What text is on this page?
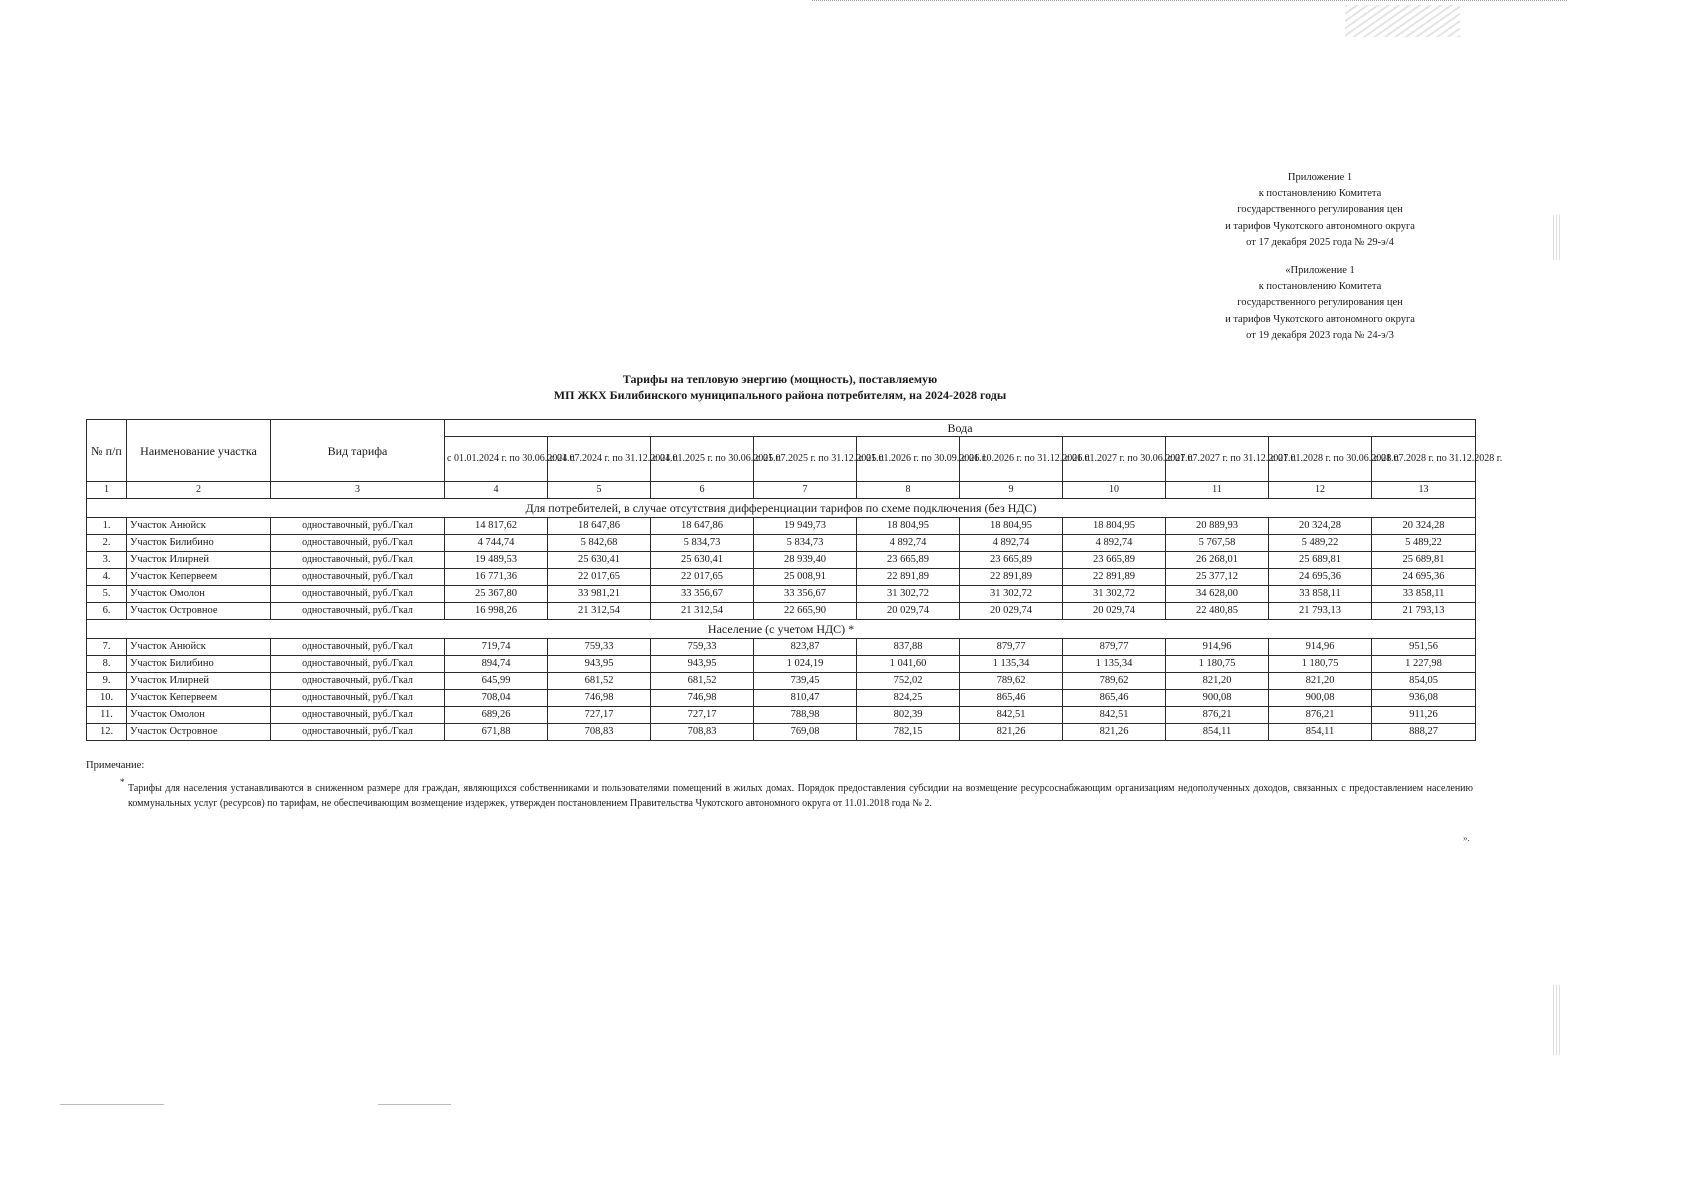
Приложение 1
к постановлению Комитета
государственного регулирования цен
и тарифов Чукотского автономного округа
от 17 декабря 2025 года № 29-э/4
«Приложение 1
к постановлению Комитета
государственного регулирования цен
и тарифов Чукотского автономного округа
от 19 декабря 2023 года № 24-э/3
Тарифы на тепловую энергию (мощность), поставляемую
МП ЖКХ Билибинского муниципального района потребителям, на 2024-2028 годы
№ п/п	Наименование участка	Вид тарифа	Вода									
			с 01.01.2024 г. по 30.06.2024 г.	с 01.07.2024 г. по 31.12.2024 г.	с 01.01.2025 г. по 30.06.2025 г.	с 01.07.2025 г. по 31.12.2025 г.	с 01.01.2026 г. по 30.09.2026 г.	с 01.10.2026 г. по 31.12.2026 г.	с 01.01.2027 г. по 30.06.2027 г.	с 01.07.2027 г. по 31.12.2027 г.	с 01.01.2028 г. по 30.06.2028 г.	с 01.07.2028 г. по 31.12.2028 г.
1	2	3	4	5	6	7	8	9	10	11	12	13
Для потребителей, в случае отсутствия дифференциации тарифов по схеме подключения (без НДС)												
1.	Участок Анюйск	одноставочный, руб./Гкал	14 817,62	18 647,86	18 647,86	19 949,73	18 804,95	18 804,95	18 804,95	20 889,93	20 324,28	20 324,28
2.	Участок Билибино	одноставочный, руб./Гкал	4 744,74	5 842,68	5 834,73	5 834,73	4 892,74	4 892,74	4 892,74	5 767,58	5 489,22	5 489,22
3.	Участок Илирней	одноставочный, руб./Гкал	19 489,53	25 630,41	25 630,41	28 939,40	23 665,89	23 665,89	23 665,89	26 268,01	25 689,81	25 689,81
4.	Участок Кепервеем	одноставочный, руб./Гкал	16 771,36	22 017,65	22 017,65	25 008,91	22 891,89	22 891,89	22 891,89	25 377,12	24 695,36	24 695,36
5.	Участок Омолон	одноставочный, руб./Гкал	25 367,80	33 981,21	33 356,67	33 356,67	31 302,72	31 302,72	31 302,72	34 628,00	33 858,11	33 858,11
6.	Участок Островное	одноставочный, руб./Гкал	16 998,26	21 312,54	21 312,54	22 665,90	20 029,74	20 029,74	20 029,74	22 480,85	21 793,13	21 793,13
Население (с учетом НДС) *												
7.	Участок Анюйск	одноставочный, руб./Гкал	719,74	759,33	759,33	823,87	837,88	879,77	879,77	914,96	914,96	951,56
8.	Участок Билибино	одноставочный, руб./Гкал	894,74	943,95	943,95	1 024,19	1 041,60	1 135,34	1 135,34	1 180,75	1 180,75	1 227,98
9.	Участок Илирней	одноставочный, руб./Гкал	645,99	681,52	681,52	739,45	752,02	789,62	789,62	821,20	821,20	854,05
10.	Участок Кепервеем	одноставочный, руб./Гкал	708,04	746,98	746,98	810,47	824,25	865,46	865,46	900,08	900,08	936,08
11.	Участок Омолон	одноставочный, руб./Гкал	689,26	727,17	727,17	788,98	802,39	842,51	842,51	876,21	876,21	911,26
12.	Участок Островное	одноставочный, руб./Гкал	671,88	708,83	708,83	769,08	782,15	821,26	821,26	854,11	854,11	888,27
Примечание:
*
Тарифы для населения устанавливаются в сниженном размере для граждан, являющихся собственниками и пользователями помещений в жилых домах. Порядок предоставления субсидии на возмещение ресурсоснабжающим организациям недополученных доходов, связанных с предоставлением населению коммунальных услуг (ресурсов) по тарифам, не обеспечивающим возмещение издержек, утвержден постановлением Правительства Чукотского автономного округа от 11.01.2018 года № 2.
».
